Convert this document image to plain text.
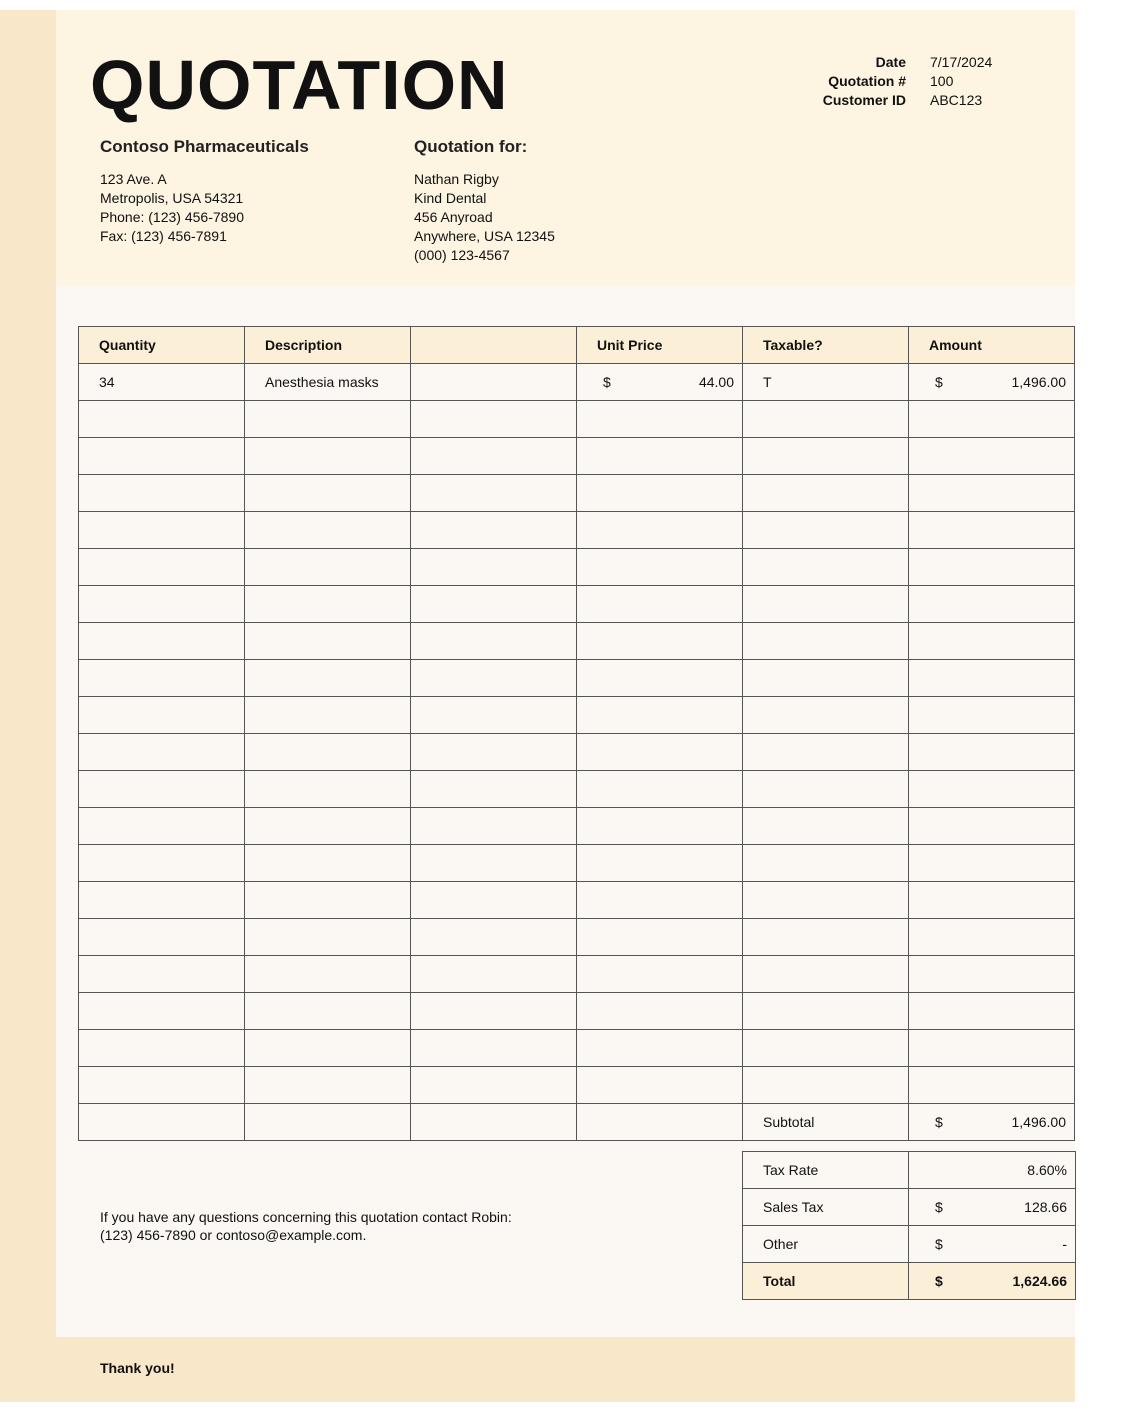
QUOTATION	Date 7/17/2024
Quotation # 100
Customer ID ABC123
Contoso Pharmaceuticals
123 Ave. A
Metropolis, USA 54321
Phone: (123) 456-7890
Fax: (123) 456-7891
Quotation for:
Nathan Rigby
Kind Dental
456 Anyroad
Anywhere, USA 12345
(000) 123-4567
Quantity	Description		Unit Price	Taxable?	Amount
34	Anesthesia masks		$ 44.00	T	$ 1,496.00

				Subtotal	$ 1,496.00
Tax Rate	8.60%
Sales Tax	$ 128.66

Other	$ -

Total	$ 1,624.66
If you have any questions concerning this quotation contact Robin:
(123) 456-7890 or contoso@example.com.
Thank you!
